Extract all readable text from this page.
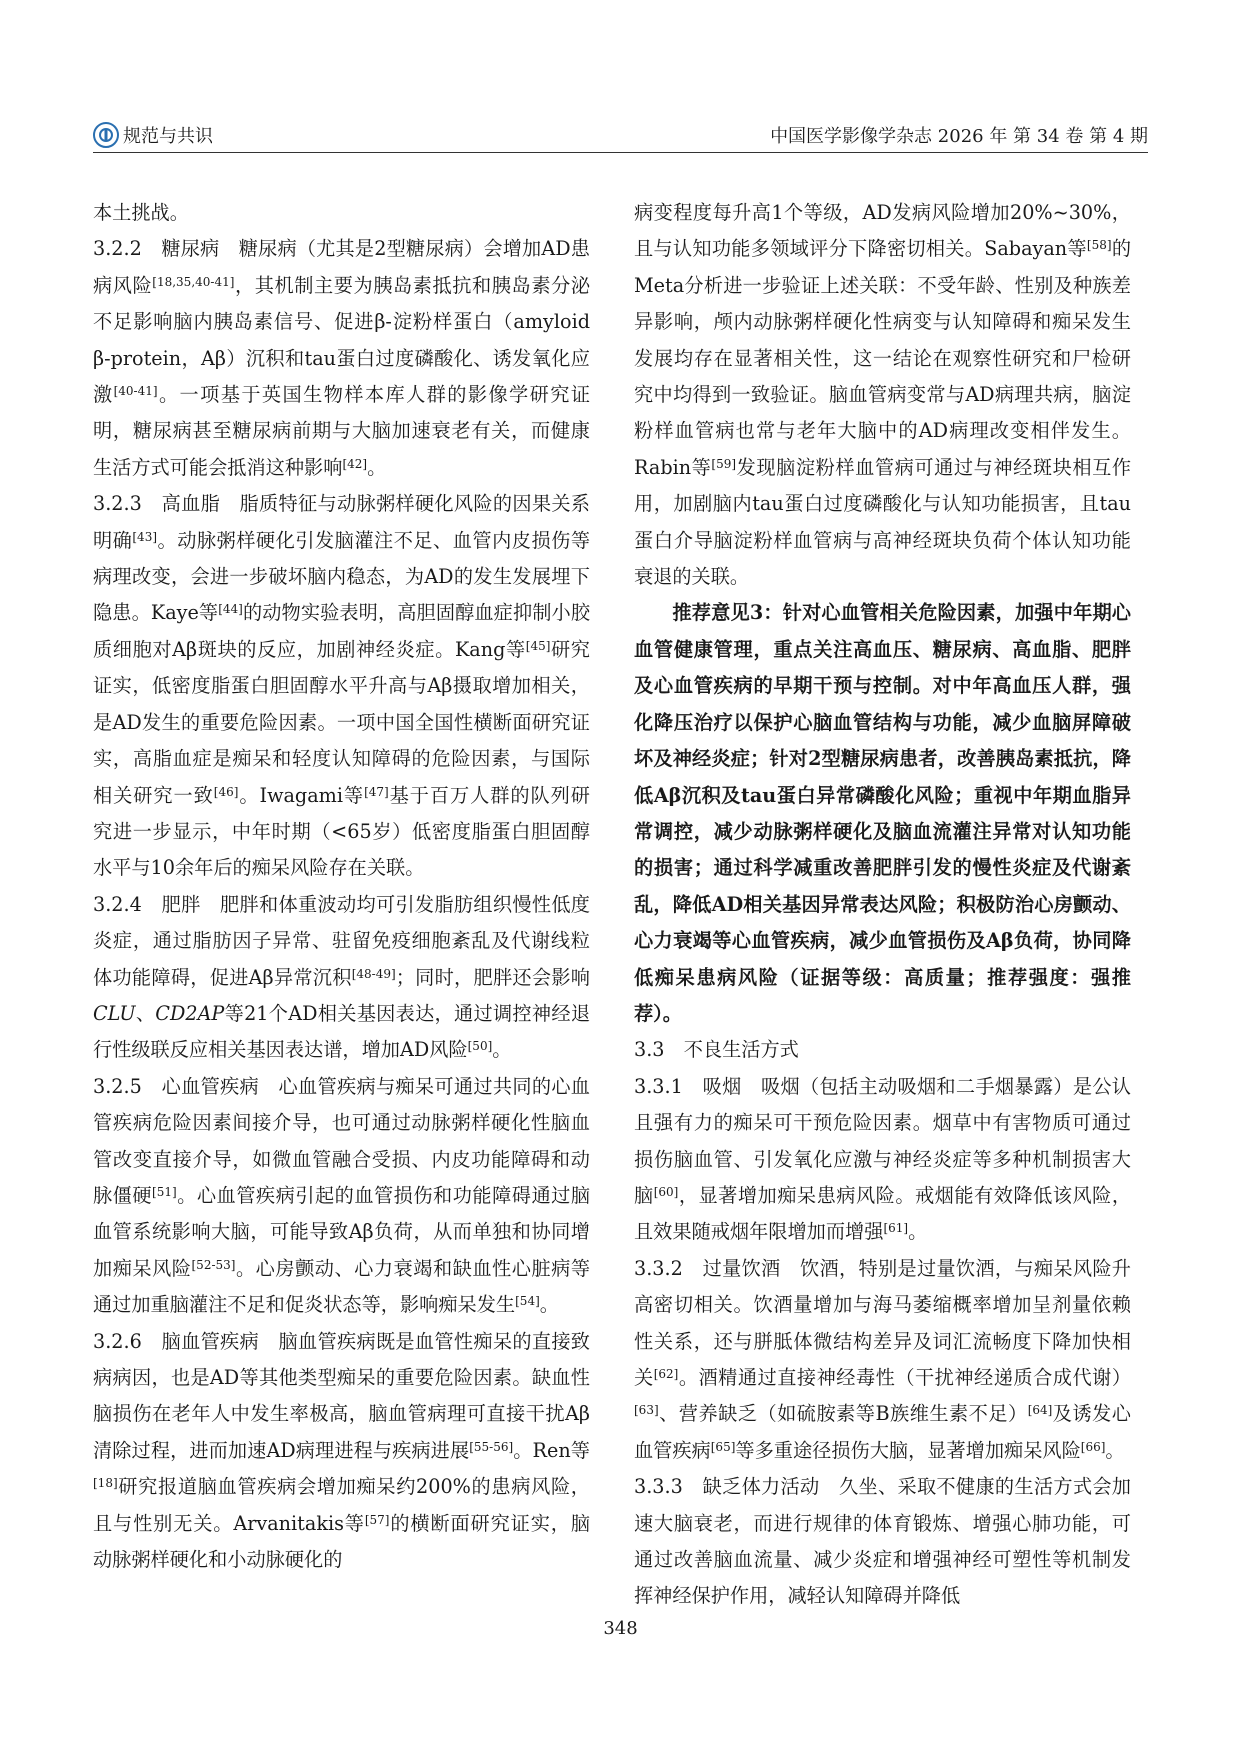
规范与共识	中国医学影像学杂志 2026 年 第 34 卷 第 4 期

本土挑战。

3.2.2　糖尿病　糖尿病（尤其是2型糖尿病）会增加AD患病风险[18,35,40-41]，其机制主要为胰岛素抵抗和胰岛素分泌不足影响脑内胰岛素信号、促进β-淀粉样蛋白（amyloid β-protein，Aβ）沉积和tau蛋白过度磷酸化、诱发氧化应激[40-41]。一项基于英国生物样本库人群的影像学研究证明，糖尿病甚至糖尿病前期与大脑加速衰老有关，而健康生活方式可能会抵消这种影响[42]。

3.2.3　高血脂　脂质特征与动脉粥样硬化风险的因果关系明确[43]。动脉粥样硬化引发脑灌注不足、血管内皮损伤等病理改变，会进一步破坏脑内稳态，为AD的发生发展埋下隐患。Kaye等[44]的动物实验表明，高胆固醇血症抑制小胶质细胞对Aβ斑块的反应，加剧神经炎症。Kang等[45]研究证实，低密度脂蛋白胆固醇水平升高与Aβ摄取增加相关，是AD发生的重要危险因素。一项中国全国性横断面研究证实，高脂血症是痴呆和轻度认知障碍的危险因素，与国际相关研究一致[46]。Iwagami等[47]基于百万人群的队列研究进一步显示，中年时期（<65岁）低密度脂蛋白胆固醇水平与10余年后的痴呆风险存在关联。

3.2.4　肥胖　肥胖和体重波动均可引发脂肪组织慢性低度炎症，通过脂肪因子异常、驻留免疫细胞紊乱及代谢线粒体功能障碍，促进Aβ异常沉积[48-49]；同时，肥胖还会影响CLU、CD2AP等21个AD相关基因表达，通过调控神经退行性级联反应相关基因表达谱，增加AD风险[50]。

3.2.5　心血管疾病　心血管疾病与痴呆可通过共同的心血管疾病危险因素间接介导，也可通过动脉粥样硬化性脑血管改变直接介导，如微血管融合受损、内皮功能障碍和动脉僵硬[51]。心血管疾病引起的血管损伤和功能障碍通过脑血管系统影响大脑，可能导致Aβ负荷，从而单独和协同增加痴呆风险[52-53]。心房颤动、心力衰竭和缺血性心脏病等通过加重脑灌注不足和促炎状态等，影响痴呆发生[54]。

3.2.6　脑血管疾病　脑血管疾病既是血管性痴呆的直接致病病因，也是AD等其他类型痴呆的重要危险因素。缺血性脑损伤在老年人中发生率极高，脑血管病理可直接干扰Aβ清除过程，进而加速AD病理进程与疾病进展[55-56]。Ren等[18]研究报道脑血管疾病会增加痴呆约200%的患病风险，且与性别无关。Arvanitakis等[57]的横断面研究证实，脑动脉粥样硬化和小动脉硬化的

病变程度每升高1个等级，AD发病风险增加20%~30%，且与认知功能多领域评分下降密切相关。Sabayan等[58]的Meta分析进一步验证上述关联：不受年龄、性别及种族差异影响，颅内动脉粥样硬化性病变与认知障碍和痴呆发生发展均存在显著相关性，这一结论在观察性研究和尸检研究中均得到一致验证。脑血管病变常与AD病理共病，脑淀粉样血管病也常与老年大脑中的AD病理改变相伴发生。Rabin等[59]发现脑淀粉样血管病可通过与神经斑块相互作用，加剧脑内tau蛋白过度磷酸化与认知功能损害，且tau蛋白介导脑淀粉样血管病与高神经斑块负荷个体认知功能衰退的关联。

推荐意见3：针对心血管相关危险因素，加强中年期心血管健康管理，重点关注高血压、糖尿病、高血脂、肥胖及心血管疾病的早期干预与控制。对中年高血压人群，强化降压治疗以保护心脑血管结构与功能，减少血脑屏障破坏及神经炎症；针对2型糖尿病患者，改善胰岛素抵抗，降低Aβ沉积及tau蛋白异常磷酸化风险；重视中年期血脂异常调控，减少动脉粥样硬化及脑血流灌注异常对认知功能的损害；通过科学减重改善肥胖引发的慢性炎症及代谢紊乱，降低AD相关基因异常表达风险；积极防治心房颤动、心力衰竭等心血管疾病，减少血管损伤及Aβ负荷，协同降低痴呆患病风险（证据等级：高质量；推荐强度：强推荐）。

3.3　不良生活方式

3.3.1　吸烟　吸烟（包括主动吸烟和二手烟暴露）是公认且强有力的痴呆可干预危险因素。烟草中有害物质可通过损伤脑血管、引发氧化应激与神经炎症等多种机制损害大脑[60]，显著增加痴呆患病风险。戒烟能有效降低该风险，且效果随戒烟年限增加而增强[61]。

3.3.2　过量饮酒　饮酒，特别是过量饮酒，与痴呆风险升高密切相关。饮酒量增加与海马萎缩概率增加呈剂量依赖性关系，还与胼胝体微结构差异及词汇流畅度下降加快相关[62]。酒精通过直接神经毒性（干扰神经递质合成代谢）[63]、营养缺乏（如硫胺素等B族维生素不足）[64]及诱发心血管疾病[65]等多重途径损伤大脑，显著增加痴呆风险[66]。

3.3.3　缺乏体力活动　久坐、采取不健康的生活方式会加速大脑衰老，而进行规律的体育锻炼、增强心肺功能，可通过改善脑血流量、减少炎症和增强神经可塑性等机制发挥神经保护作用，减轻认知障碍并降低

348
